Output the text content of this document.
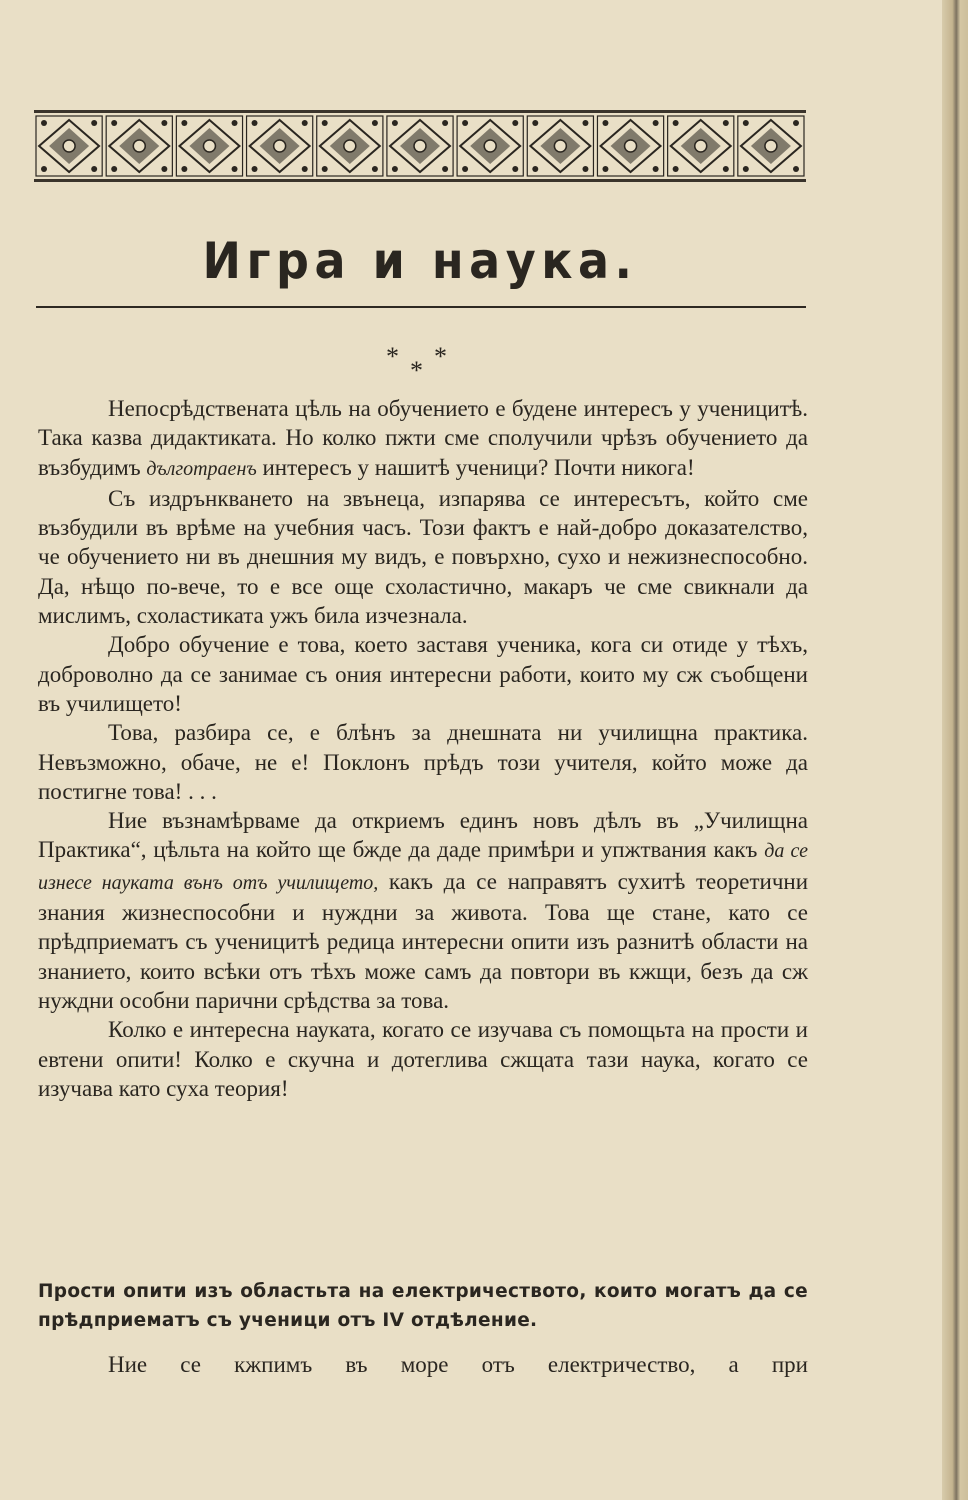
Игра и наука.
* * *

Непосрѣдствената цѣль на обучението е будене интересъ у ученицитѣ. Така казва дидактиката. Но колко пжти сме сполучили чрѣзъ обучението да възбудимъ дълготраенъ интересъ у нашитѣ ученици? Почти никога!

Съ издрънкването на звънеца, изпарява се интересътъ, който сме възбудили въ врѣме на учебния часъ. Този фактъ е най-добро доказателство, че обучението ни въ днешния му видъ, е повърхно, сухо и нежизнеспособно. Да, нѣщо по-вече, то е все още схоластично, макаръ че сме свикнали да мислимъ, схоластиката ужъ била изчезнала.

Добро обучение е това, което заставя ученика, кога си отиде у тѣхъ, доброволно да се занимае съ ония интересни работи, които му сж съобщени въ училището!

Това, разбира се, е блѣнъ за днешната ни училищна практика. Невъзможно, обаче, не е! Поклонъ прѣдъ този учителя, който може да постигне това! . . .

Ние възнамѣрваме да откриемъ единъ новъ дѣлъ въ „Училищна Практика“, цѣльта на който ще бжде да даде примѣри и упжтвания какъ да се изнесе науката вънъ отъ училището, какъ да се направятъ сухитѣ теоретични знания жизнеспособни и нуждни за живота. Това ще стане, като се прѣдприематъ съ ученицитѣ редица интересни опити изъ разнитѣ области на знанието, които всѣки отъ тѣхъ може самъ да повтори въ кжщи, безъ да сж нуждни особни парични срѣдства за това.

Колко е интересна науката, когато се изучава съ помощьта на прости и евтени опити! Колко е скучна и дотеглива сжщата тази наука, когато се изучава като суха теория!

Прости опити изъ областьта на електричеството, които могатъ да се прѣдприематъ съ ученици отъ IV отдѣление.
Ние се кжпимъ въ море отъ електричество, а при
